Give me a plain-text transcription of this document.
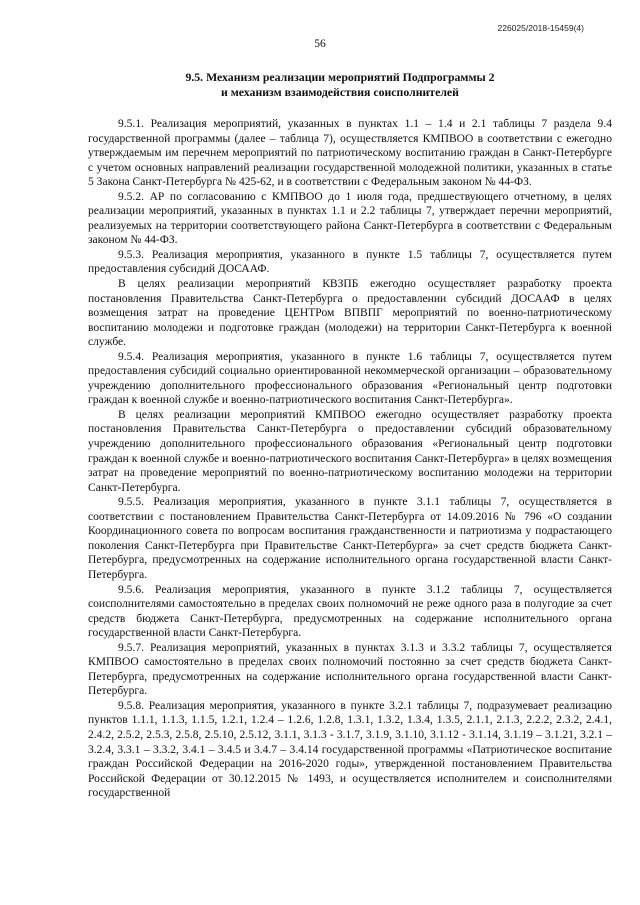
226025/2018-15459(4)
56
9.5. Механизм реализации мероприятий Подпрограммы 2
и механизм взаимодействия соисполнителей

9.5.1. Реализация мероприятий, указанных в пунктах 1.1 – 1.4 и 2.1 таблицы 7 раздела 9.4 государственной программы (далее – таблица 7), осуществляется КМПВОО в соответствии с ежегодно утверждаемым им перечнем мероприятий по патриотическому воспитанию граждан в Санкт-Петербурге с учетом основных направлений реализации государственной молодежной политики, указанных в статье 5 Закона Санкт-Петербурга № 425-62, и в соответствии с Федеральным законом № 44-ФЗ.

9.5.2. АР по согласованию с КМПВОО до 1 июля года, предшествующего отчетному, в целях реализации мероприятий, указанных в пунктах 1.1 и 2.2 таблицы 7, утверждает перечни мероприятий, реализуемых на территории соответствующего района Санкт-Петербурга в соответствии с Федеральным законом № 44-ФЗ.

9.5.3. Реализация мероприятия, указанного в пункте 1.5 таблицы 7, осуществляется путем предоставления субсидий ДОСААФ.

В целях реализации мероприятий КВЗПБ ежегодно осуществляет разработку проекта постановления Правительства Санкт-Петербурга о предоставлении субсидий ДОСААФ в целях возмещения затрат на проведение ЦЕНТРом ВПВПГ мероприятий по военно-патриотическому воспитанию молодежи и подготовке граждан (молодежи) на территории Санкт-Петербурга к военной службе.

9.5.4. Реализация мероприятия, указанного в пункте 1.6 таблицы 7, осуществляется путем предоставления субсидий социально ориентированной некоммерческой организации – образовательному учреждению дополнительного профессионального образования «Региональный центр подготовки граждан к военной службе и военно-патриотического воспитания Санкт-Петербурга».

В целях реализации мероприятий КМПВОО ежегодно осуществляет разработку проекта постановления Правительства Санкт-Петербурга о предоставлении субсидий образовательному учреждению дополнительного профессионального образования «Региональный центр подготовки граждан к военной службе и военно-патриотического воспитания Санкт-Петербурга» в целях возмещения затрат на проведение мероприятий по военно-патриотическому воспитанию молодежи на территории Санкт-Петербурга.

9.5.5. Реализация мероприятия, указанного в пункте 3.1.1 таблицы 7, осуществляется в соответствии с постановлением Правительства Санкт-Петербурга от 14.09.2016 № 796 «О создании Координационного совета по вопросам воспитания гражданственности и патриотизма у подрастающего поколения Санкт-Петербурга при Правительстве Санкт-Петербурга» за счет средств бюджета Санкт-Петербурга, предусмотренных на содержание исполнительного органа государственной власти Санкт-Петербурга.

9.5.6. Реализация мероприятия, указанного в пункте 3.1.2 таблицы 7, осуществляется соисполнителями самостоятельно в пределах своих полномочий не реже одного раза в полугодие за счет средств бюджета Санкт-Петербурга, предусмотренных на содержание исполнительного органа государственной власти Санкт-Петербурга.

9.5.7. Реализация мероприятий, указанных в пунктах 3.1.3 и 3.3.2 таблицы 7, осуществляется КМПВОО самостоятельно в пределах своих полномочий постоянно за счет средств бюджета Санкт-Петербурга, предусмотренных на содержание исполнительного органа государственной власти Санкт-Петербурга.

9.5.8. Реализация мероприятия, указанного в пункте 3.2.1 таблицы 7, подразумевает реализацию пунктов 1.1.1, 1.1.3, 1.1.5, 1.2.1, 1.2.4 – 1.2.6, 1.2.8, 1.3.1, 1.3.2, 1.3.4, 1.3.5, 2.1.1, 2.1.3, 2.2.2, 2.3.2, 2.4.1, 2.4.2, 2.5.2, 2.5.3, 2.5.8, 2.5.10, 2.5.12, 3.1.1, 3.1.3 - 3.1.7, 3.1.9, 3.1.10, 3.1.12 - 3.1.14, 3.1.19 – 3.1.21, 3.2.1 – 3.2.4, 3.3.1 – 3.3.2, 3.4.1 – 3.4.5 и 3.4.7 – 3.4.14 государственной программы «Патриотическое воспитание граждан Российской Федерации на 2016-2020 годы», утвержденной постановлением Правительства Российской Федерации от 30.12.2015 № 1493, и осуществляется исполнителем и соисполнителями государственной
